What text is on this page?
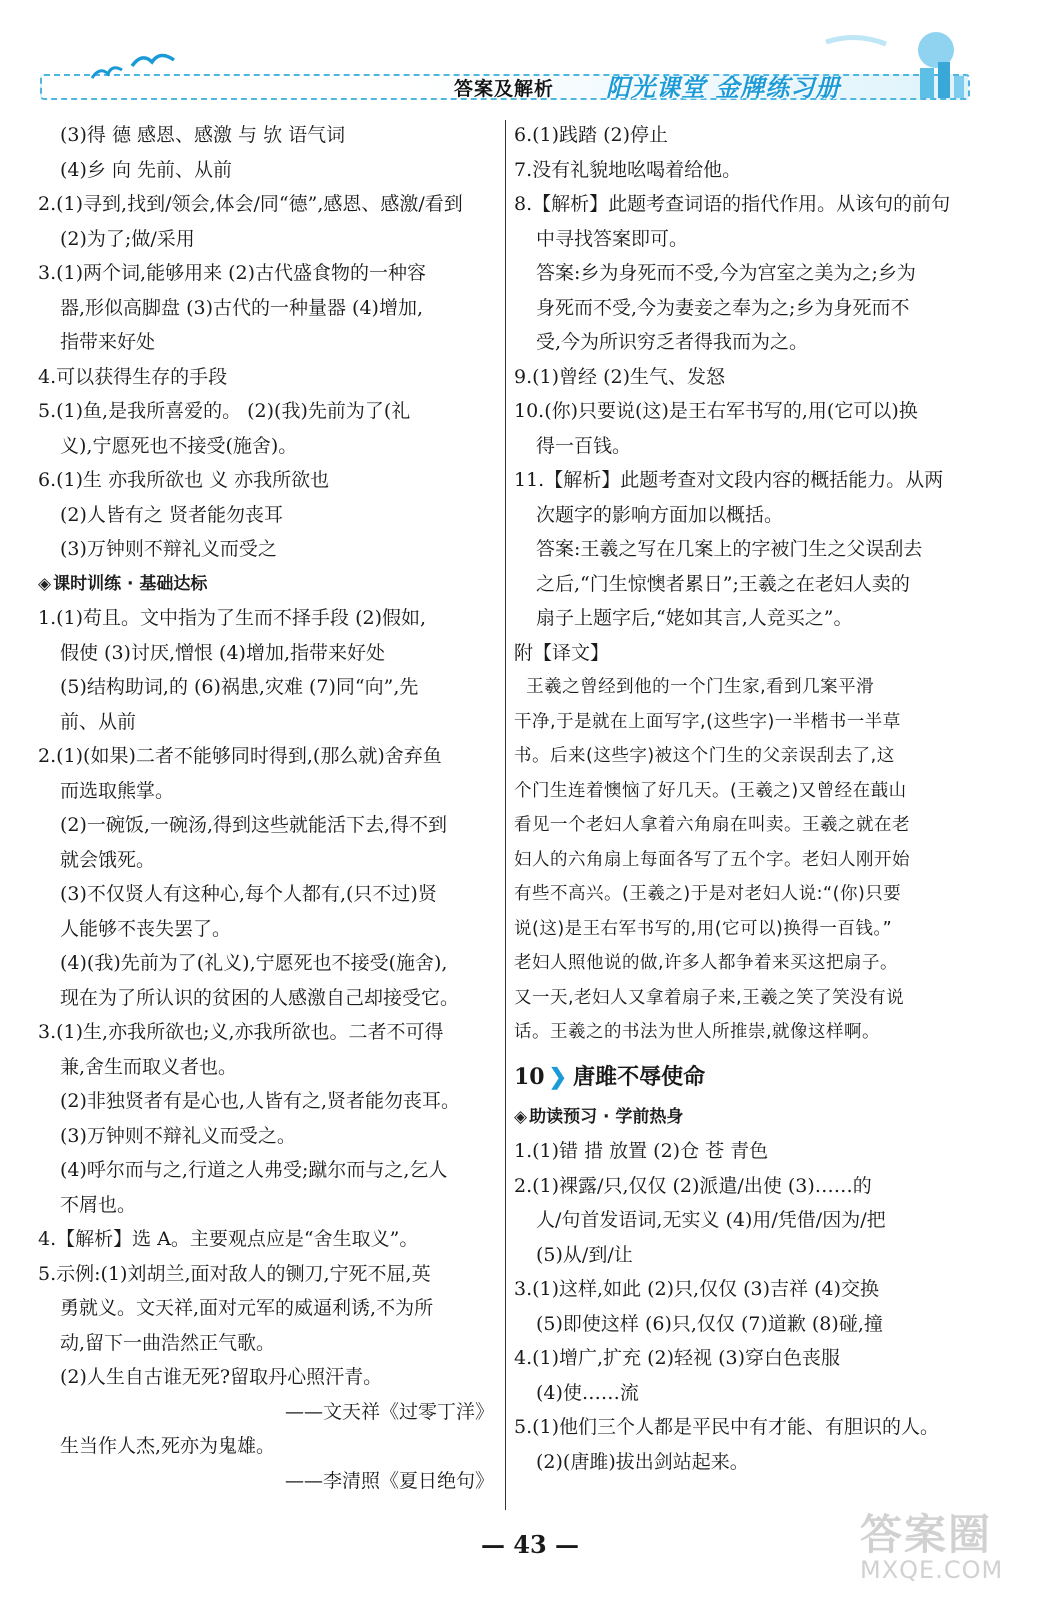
答案及解析 阳光课堂 金牌练习册
(3)得 德 感恩、感激 与 欤 语气词
(4)乡 向 先前、从前
2.(1)寻到,找到/领会,体会/同“德”,感恩、感激/看到
(2)为了;做/采用
3.(1)两个词,能够用来 (2)古代盛食物的一种容
器,形似高脚盘 (3)古代的一种量器 (4)增加,
指带来好处
4.可以获得生存的手段
5.(1)鱼,是我所喜爱的。 (2)(我)先前为了(礼
义),宁愿死也不接受(施舍)。
6.(1)生 亦我所欲也 义 亦我所欲也
(2)人皆有之 贤者能勿丧耳
(3)万钟则不辩礼义而受之
◈ 课时训练 · 基础达标
1.(1)苟且。文中指为了生而不择手段 (2)假如,
假使 (3)讨厌,憎恨 (4)增加,指带来好处
(5)结构助词,的 (6)祸患,灾难 (7)同“向”,先
前、从前
2.(1)(如果)二者不能够同时得到,(那么就)舍弃鱼
而选取熊掌。
(2)一碗饭,一碗汤,得到这些就能活下去,得不到
就会饿死。
(3)不仅贤人有这种心,每个人都有,(只不过)贤
人能够不丧失罢了。
(4)(我)先前为了(礼义),宁愿死也不接受(施舍),
现在为了所认识的贫困的人感激自己却接受它。
3.(1)生,亦我所欲也;义,亦我所欲也。二者不可得
兼,舍生而取义者也。
(2)非独贤者有是心也,人皆有之,贤者能勿丧耳。
(3)万钟则不辩礼义而受之。
(4)呼尔而与之,行道之人弗受;蹴尔而与之,乞人
不屑也。
4.【解析】选 A。主要观点应是“舍生取义”。
5.示例:(1)刘胡兰,面对敌人的铡刀,宁死不屈,英
勇就义。文天祥,面对元军的威逼利诱,不为所
动,留下一曲浩然正气歌。
(2)人生自古谁无死?留取丹心照汗青。
——文天祥《过零丁洋》
生当作人杰,死亦为鬼雄。
——李清照《夏日绝句》
6.(1)践踏 (2)停止
7.没有礼貌地吆喝着给他。
8.【解析】此题考查词语的指代作用。从该句的前句
中寻找答案即可。
答案:乡为身死而不受,今为宫室之美为之;乡为
身死而不受,今为妻妾之奉为之;乡为身死而不
受,今为所识穷乏者得我而为之。
9.(1)曾经 (2)生气、发怒
10.(你)只要说(这)是王右军书写的,用(它可以)换
得一百钱。
11.【解析】此题考查对文段内容的概括能力。从两
次题字的影响方面加以概括。
答案:王羲之写在几案上的字被门生之父误刮去
之后,“门生惊懊者累日”;王羲之在老妇人卖的
扇子上题字后,“姥如其言,人竞买之”。
附【译文】
王羲之曾经到他的一个门生家,看到几案平滑
干净,于是就在上面写字,(这些字)一半楷书一半草
书。后来(这些字)被这个门生的父亲误刮去了,这
个门生连着懊恼了好几天。(王羲之)又曾经在蕺山
看见一个老妇人拿着六角扇在叫卖。王羲之就在老
妇人的六角扇上每面各写了五个字。老妇人刚开始
有些不高兴。(王羲之)于是对老妇人说:“(你)只要
说(这)是王右军书写的,用(它可以)换得一百钱。”
老妇人照他说的做,许多人都争着来买这把扇子。
又一天,老妇人又拿着扇子来,王羲之笑了笑没有说
话。王羲之的书法为世人所推崇,就像这样啊。
10 ❯ 唐雎不辱使命
◈ 助读预习 · 学前热身
1.(1)错 措 放置 (2)仓 苍 青色
2.(1)裸露/只,仅仅 (2)派遣/出使 (3)……的
人/句首发语词,无实义 (4)用/凭借/因为/把
(5)从/到/让
3.(1)这样,如此 (2)只,仅仅 (3)吉祥 (4)交换
(5)即使这样 (6)只,仅仅 (7)道歉 (8)碰,撞
4.(1)增广,扩充 (2)轻视 (3)穿白色丧服
(4)使……流
5.(1)他们三个人都是平民中有才能、有胆识的人。
(2)(唐雎)拔出剑站起来。
— 43 —	答案圈
MXQE.COM
